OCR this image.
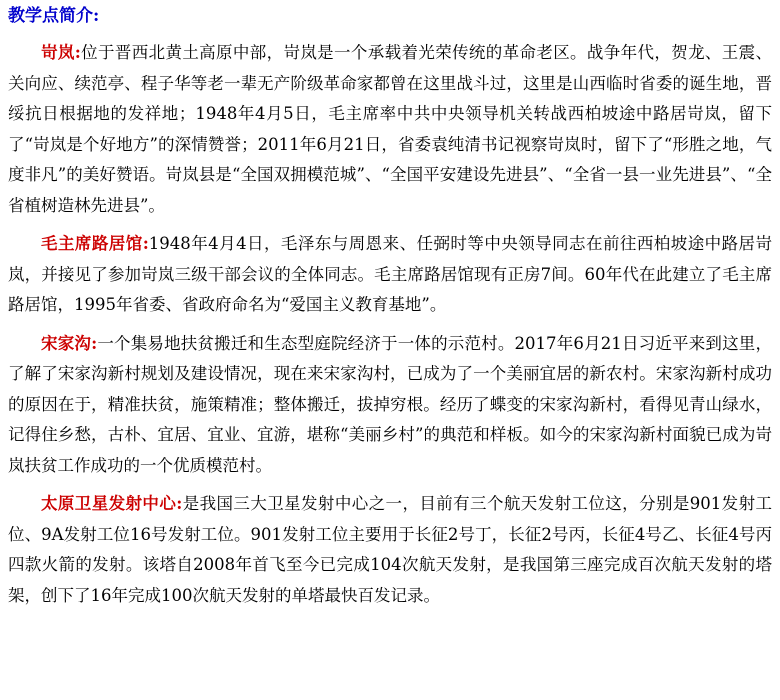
教学点简介:

岢岚:位于晋西北黄土高原中部，岢岚是一个承载着光荣传统的革命老区。战争年代，贺龙、王震、关向应、续范亭、程子华等老一辈无产阶级革命家都曾在这里战斗过，这里是山西临时省委的诞生地，晋绥抗日根据地的发祥地；1948年4月5日，毛主席率中共中央领导机关转战西柏坡途中路居岢岚，留下了“岢岚是个好地方”的深情赞誉；2011年6月21日，省委袁纯清书记视察岢岚时，留下了“形胜之地，气度非凡”的美好赞语。岢岚县是“全国双拥模范城”、“全国平安建设先进县”、“全省一县一业先进县”、“全省植树造林先进县”。

毛主席路居馆:1948年4月4日，毛泽东与周恩来、任弼时等中央领导同志在前往西柏坡途中路居岢岚，并接见了参加岢岚三级干部会议的全体同志。毛主席路居馆现有正房7间。60年代在此建立了毛主席路居馆，1995年省委、省政府命名为“爱国主义教育基地”。

宋家沟:一个集易地扶贫搬迁和生态型庭院经济于一体的示范村。2017年6月21日习近平来到这里，了解了宋家沟新村规划及建设情况，现在来宋家沟村，已成为了一个美丽宜居的新农村。宋家沟新村成功的原因在于，精准扶贫，施策精准；整体搬迁，拔掉穷根。经历了蝶变的宋家沟新村，看得见青山绿水，记得住乡愁，古朴、宜居、宜业、宜游，堪称“美丽乡村”的典范和样板。如今的宋家沟新村面貌已成为岢岚扶贫工作成功的一个优质模范村。

太原卫星发射中心:是我国三大卫星发射中心之一，目前有三个航天发射工位这，分别是901发射工位、9A发射工位16号发射工位。901发射工位主要用于长征2号丁，长征2号丙，长征4号乙、长征4号丙四款火箭的发射。该塔自2008年首飞至今已完成104次航天发射，是我国第三座完成百次航天发射的塔架，创下了16年完成100次航天发射的单塔最快百发记录。
